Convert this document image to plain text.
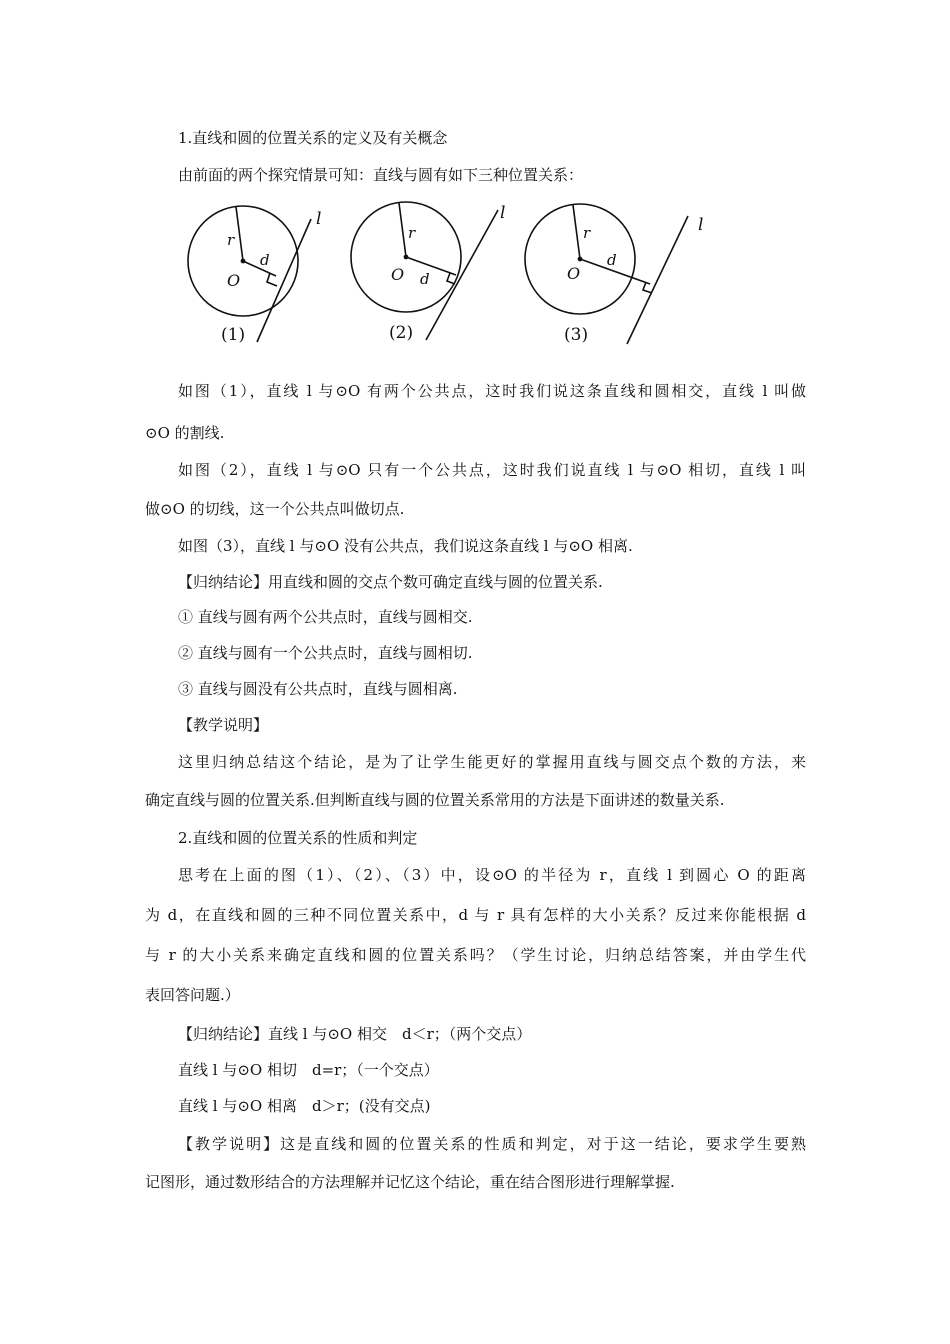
1.直线和圆的位置关系的定义及有关概念
由前面的两个探究情景可知：直线与圆有如下三种位置关系：
l
r
d
O
(1)
l
r
d
O
(2)
l
r
d
O
(3)
如图（1），直线 l 与⊙O 有两个公共点，这时我们说这条直线和圆相交，直线 l 叫做
⊙O 的割线.
如图（2），直线 l 与⊙O 只有一个公共点，这时我们说直线 l 与⊙O 相切，直线 l 叫
做⊙O 的切线，这一个公共点叫做切点.
如图（3），直线 l 与⊙O 没有公共点，我们说这条直线 l 与⊙O 相离.
【归纳结论】用直线和圆的交点个数可确定直线与圆的位置关系.
① 直线与圆有两个公共点时，直线与圆相交.
② 直线与圆有一个公共点时，直线与圆相切.
③ 直线与圆没有公共点时，直线与圆相离.
【教学说明】
这里归纳总结这个结论，是为了让学生能更好的掌握用直线与圆交点个数的方法，来
确定直线与圆的位置关系.但判断直线与圆的位置关系常用的方法是下面讲述的数量关系.
2.直线和圆的位置关系的性质和判定
思考在上面的图（1）、（2）、（3）中，设⊙O 的半径为 r，直线 l 到圆心 O 的距离
为 d，在直线和圆的三种不同位置关系中，d 与 r 具有怎样的大小关系？反过来你能根据 d
与 r 的大小关系来确定直线和圆的位置关系吗？（学生讨论，归纳总结答案，并由学生代
表回答问题.）
【归纳结论】直线 l 与⊙O 相交　d＜r；（两个交点）
直线 l 与⊙O 相切　d=r；（一个交点）
直线 l 与⊙O 相离　d＞r；(没有交点)
【教学说明】这是直线和圆的位置关系的性质和判定，对于这一结论，要求学生要熟
记图形，通过数形结合的方法理解并记忆这个结论，重在结合图形进行理解掌握.
